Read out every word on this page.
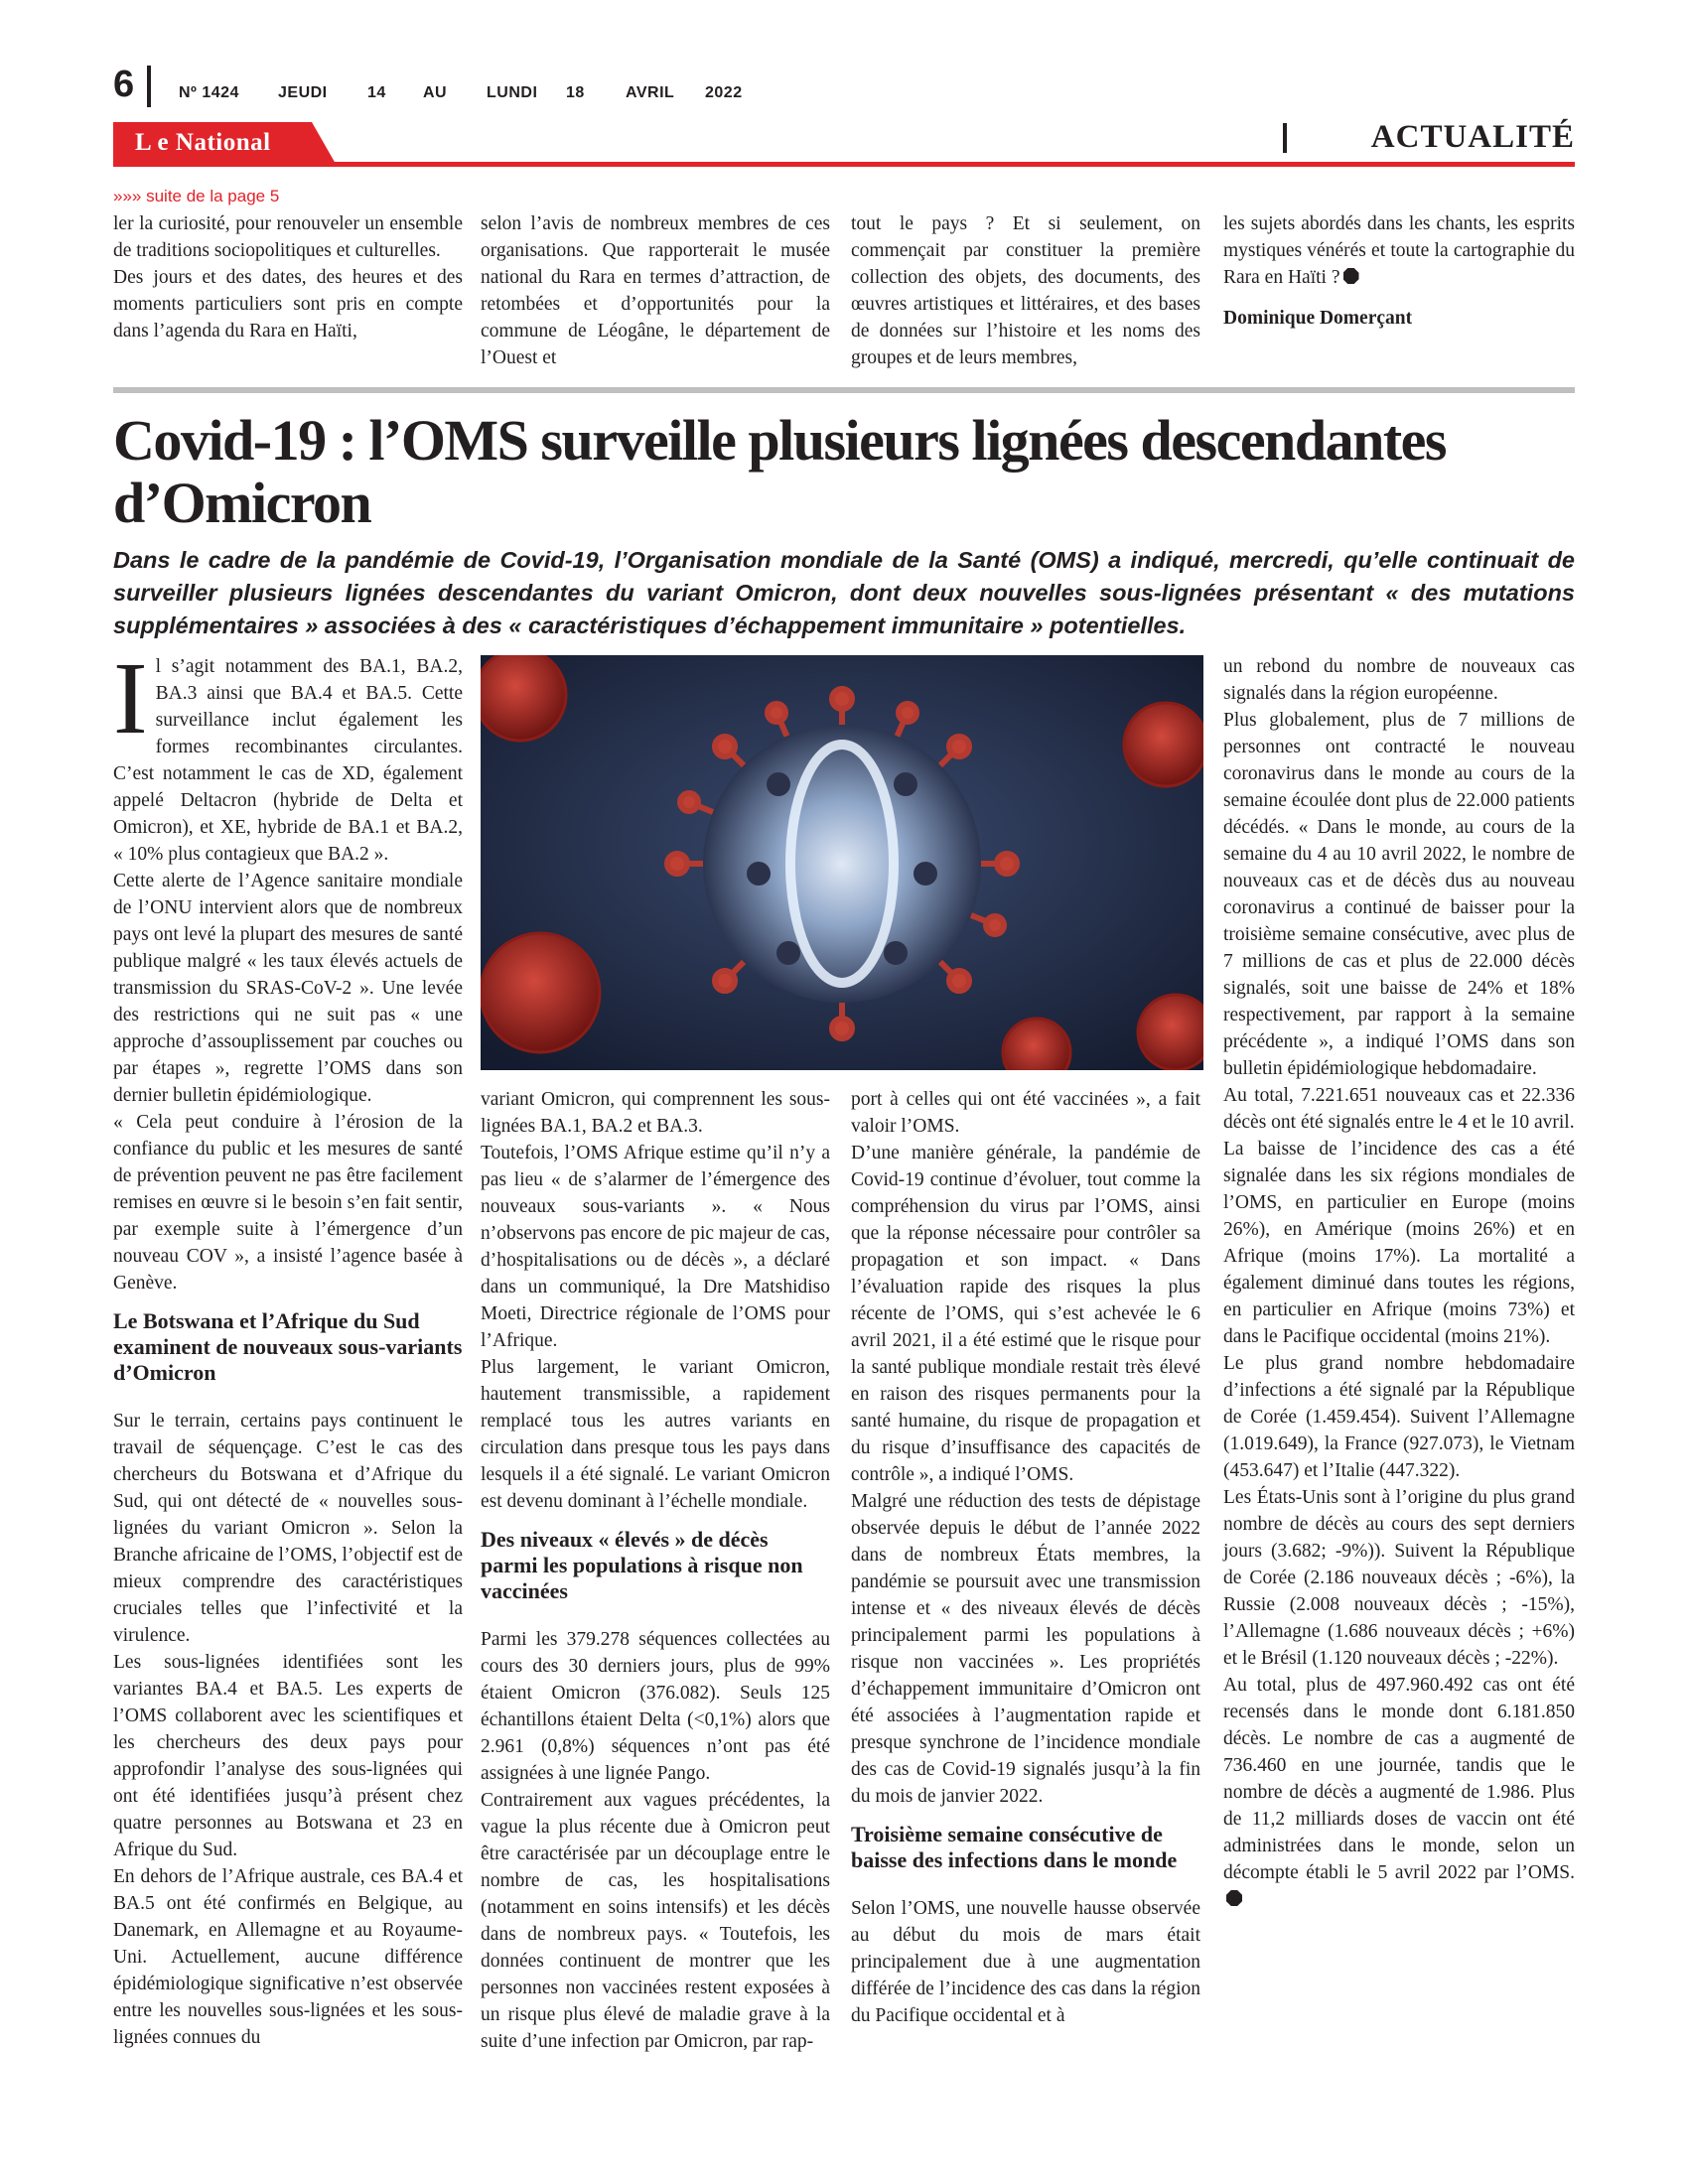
6	Nº 1424 JEUDI	14 AU LUNDI 18	AVRIL 2022
L e National	ACTUALITÉ
»»» suite de la page 5

ler la curiosité, pour renouveler un ensemble de traditions sociopolitiques et culturelles.

Des jours et des dates, des heures et des moments particuliers sont pris en compte dans l’agenda du Rara en Haïti,

selon l’avis de nombreux membres de ces organisations. Que rapporterait le musée national du Rara en termes d’attraction, de retombées et d’opportunités pour la commune de Léogâne, le département de l’Ouest et

tout le pays ? Et si seulement, on commençait par constituer la première collection des objets, des documents, des œuvres artistiques et littéraires, et des bases de données sur l’histoire et les noms des groupes et de leurs membres,

les sujets abordés dans les chants, les esprits mystiques vénérés et toute la cartographie du Rara en Haïti ?

Dominique Domerçant

Covid-19 : l’OMS surveille plusieurs lignées descendantes d’Omicron
Dans le cadre de la pandémie de Covid-19, l’Organisation mondiale de la Santé (OMS) a indiqué, mercredi, qu’elle continuait de surveiller plusieurs lignées descendantes du variant Omicron, dont deux nouvelles sous-lignées présentant « des mutations supplémentaires » associées à des « caractéristiques d’échappement immunitaire » potentielles.

Il s’agit notamment des BA.1, BA.2, BA.3 ainsi que BA.4 et BA.5. Cette surveillance inclut également les formes recombinantes circulantes. C’est notamment le cas de XD, également appelé Deltacron (hybride de Delta et Omicron), et XE, hybride de BA.1 et BA.2, « 10% plus contagieux que BA.2 ».

Cette alerte de l’Agence sanitaire mondiale de l’ONU intervient alors que de nombreux pays ont levé la plupart des mesures de santé publique malgré « les taux élevés actuels de transmission du SRAS-CoV-2 ». Une levée des restrictions qui ne suit pas « une approche d’assouplissement par couches ou par étapes », regrette l’OMS dans son dernier bulletin épidémiologique.

« Cela peut conduire à l’érosion de la confiance du public et les mesures de santé de prévention peuvent ne pas être facilement remises en œuvre si le besoin s’en fait sentir, par exemple suite à l’émergence d’un nouveau COV », a insisté l’agence basée à Genève.

Le Botswana et l’Afrique du Sud examinent de nouveaux sous-variants d’Omicron

Sur le terrain, certains pays continuent le travail de séquençage. C’est le cas des chercheurs du Botswana et d’Afrique du Sud, qui ont détecté de « nouvelles sous-lignées du variant Omicron ». Selon la Branche africaine de l’OMS, l’objectif est de mieux comprendre des caractéristiques cruciales telles que l’infectivité et la virulence.

Les sous-lignées identifiées sont les variantes BA.4 et BA.5. Les experts de l’OMS collaborent avec les scientifiques et les chercheurs des deux pays pour approfondir l’analyse des sous-lignées qui ont été identifiées jusqu’à présent chez quatre personnes au Botswana et 23 en Afrique du Sud.

En dehors de l’Afrique australe, ces BA.4 et BA.5 ont été confirmés en Belgique, au Danemark, en Allemagne et au Royaume-Uni. Actuellement, aucune différence épidémiologique significative n’est observée entre les nouvelles sous-lignées et les sous-lignées connues du

variant Omicron, qui comprennent les sous-lignées BA.1, BA.2 et BA.3.

Toutefois, l’OMS Afrique estime qu’il n’y a pas lieu « de s’alarmer de l’émergence des nouveaux sous-variants ». « Nous n’observons pas encore de pic majeur de cas, d’hospitalisations ou de décès », a déclaré dans un communiqué, la Dre Matshidiso Moeti, Directrice régionale de l’OMS pour l’Afrique.

Plus largement, le variant Omicron, hautement transmissible, a rapidement remplacé tous les autres variants en circulation dans presque tous les pays dans lesquels il a été signalé. Le variant Omicron est devenu dominant à l’échelle mondiale.

Des niveaux « élevés » de décès parmi les populations à risque non vaccinées

Parmi les 379.278 séquences collectées au cours des 30 derniers jours, plus de 99% étaient Omicron (376.082). Seuls 125 échantillons étaient Delta (<0,1%) alors que 2.961 (0,8%) séquences n’ont pas été assignées à une lignée Pango.

Contrairement aux vagues précédentes, la vague la plus récente due à Omicron peut être caractérisée par un découplage entre le nombre de cas, les hospitalisations (notamment en soins intensifs) et les décès dans de nombreux pays. « Toutefois, les données continuent de montrer que les personnes non vaccinées restent exposées à un risque plus élevé de maladie grave à la suite d’une infection par Omicron, par rap-

port à celles qui ont été vaccinées », a fait valoir l’OMS.

D’une manière générale, la pandémie de Covid-19 continue d’évoluer, tout comme la compréhension du virus par l’OMS, ainsi que la réponse nécessaire pour contrôler sa propagation et son impact. « Dans l’évaluation rapide des risques la plus récente de l’OMS, qui s’est achevée le 6 avril 2021, il a été estimé que le risque pour la santé publique mondiale restait très élevé en raison des risques permanents pour la santé humaine, du risque de propagation et du risque d’insuffisance des capacités de contrôle », a indiqué l’OMS.

Malgré une réduction des tests de dépistage observée depuis le début de l’année 2022 dans de nombreux États membres, la pandémie se poursuit avec une transmission intense et « des niveaux élevés de décès principalement parmi les populations à risque non vaccinées ». Les propriétés d’échappement immunitaire d’Omicron ont été associées à l’augmentation rapide et presque synchrone de l’incidence mondiale des cas de Covid-19 signalés jusqu’à la fin du mois de janvier 2022.

Troisième semaine consécutive de baisse des infections dans le monde

Selon l’OMS, une nouvelle hausse observée au début du mois de mars était principalement due à une augmentation différée de l’incidence des cas dans la région du Pacifique occidental et à

un rebond du nombre de nouveaux cas signalés dans la région européenne.

Plus globalement, plus de 7 millions de personnes ont contracté le nouveau coronavirus dans le monde au cours de la semaine écoulée dont plus de 22.000 patients décédés. « Dans le monde, au cours de la semaine du 4 au 10 avril 2022, le nombre de nouveaux cas et de décès dus au nouveau coronavirus a continué de baisser pour la troisième semaine consécutive, avec plus de 7 millions de cas et plus de 22.000 décès signalés, soit une baisse de 24% et 18% respectivement, par rapport à la semaine précédente », a indiqué l’OMS dans son bulletin épidémiologique hebdomadaire.

Au total, 7.221.651 nouveaux cas et 22.336 décès ont été signalés entre le 4 et le 10 avril.

La baisse de l’incidence des cas a été signalée dans les six régions mondiales de l’OMS, en particulier en Europe (moins 26%), en Amérique (moins 26%) et en Afrique (moins 17%). La mortalité a également diminué dans toutes les régions, en particulier en Afrique (moins 73%) et dans le Pacifique occidental (moins 21%).

Le plus grand nombre hebdomadaire d’infections a été signalé par la République de Corée (1.459.454). Suivent l’Allemagne (1.019.649), la France (927.073), le Vietnam (453.647) et l’Italie (447.322).

Les États-Unis sont à l’origine du plus grand nombre de décès au cours des sept derniers jours (3.682; -9%)). Suivent la République de Corée (2.186 nouveaux décès ; -6%), la Russie (2.008 nouveaux décès ; -15%), l’Allemagne (1.686 nouveaux décès ; +6%) et le Brésil (1.120 nouveaux décès ; -22%).

Au total, plus de 497.960.492 cas ont été recensés dans le monde dont 6.181.850 décès. Le nombre de cas a augmenté de 736.460 en une journée, tandis que le nombre de décès a augmenté de 1.986. Plus de 11,2 milliards doses de vaccin ont été administrées dans le monde, selon un décompte établi le 5 avril 2022 par l’OMS.
